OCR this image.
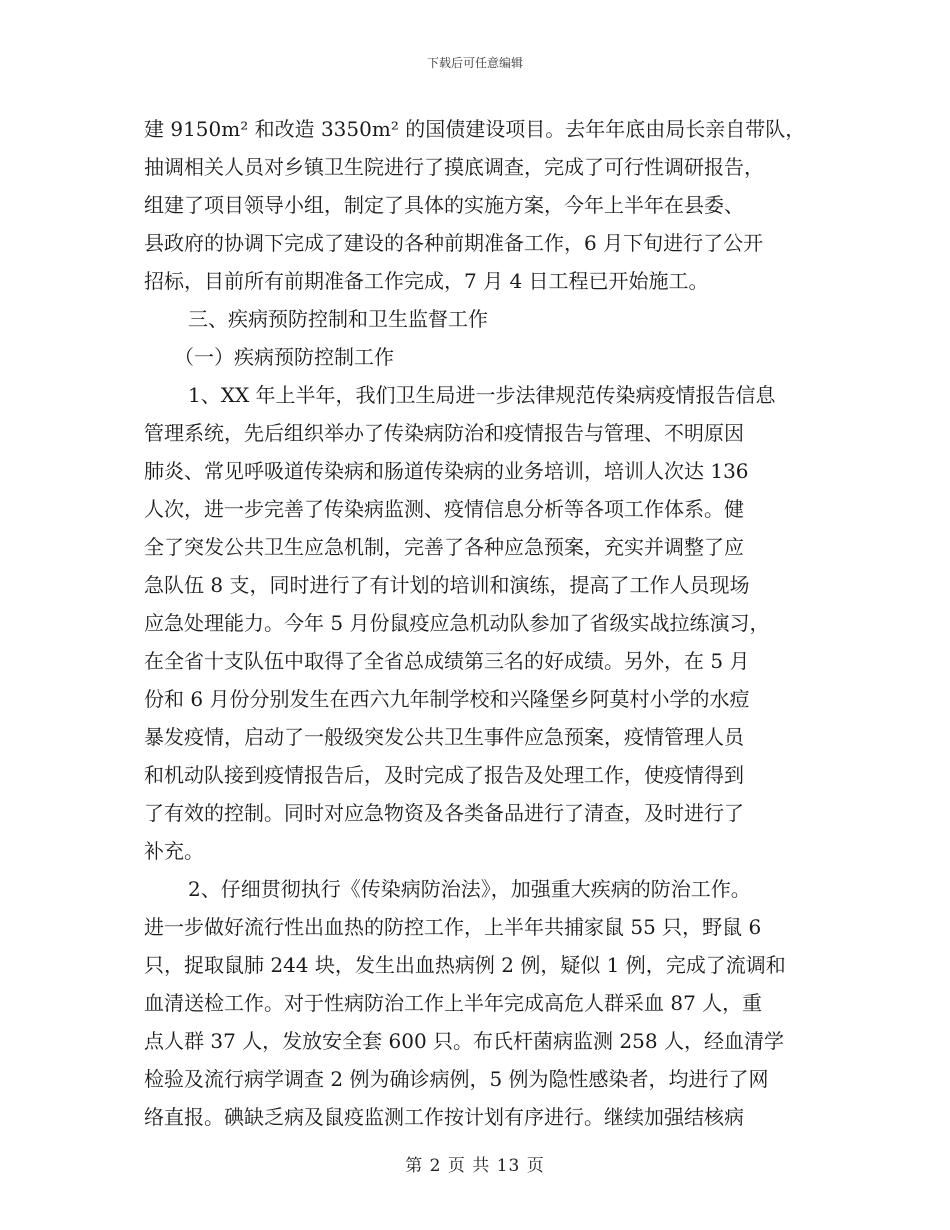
下载后可任意编辑
建 9150m² 和改造 3350m² 的国债建设项目。去年年底由局长亲自带队，
抽调相关人员对乡镇卫生院进行了摸底调查，完成了可行性调研报告，
组建了项目领导小组，制定了具体的实施方案，今年上半年在县委、
县政府的协调下完成了建设的各种前期准备工作，6 月下旬进行了公开
招标，目前所有前期准备工作完成，7 月 4 日工程已开始施工。
三、疾病预防控制和卫生监督工作
（一）疾病预防控制工作
1、XX 年上半年，我们卫生局进一步法律规范传染病疫情报告信息
管理系统，先后组织举办了传染病防治和疫情报告与管理、不明原因
肺炎、常见呼吸道传染病和肠道传染病的业务培训，培训人次达 136
人次，进一步完善了传染病监测、疫情信息分析等各项工作体系。健
全了突发公共卫生应急机制，完善了各种应急预案，充实并调整了应
急队伍 8 支，同时进行了有计划的培训和演练，提高了工作人员现场
应急处理能力。今年 5 月份鼠疫应急机动队参加了省级实战拉练演习，
在全省十支队伍中取得了全省总成绩第三名的好成绩。另外，在 5 月
份和 6 月份分别发生在西六九年制学校和兴隆堡乡阿莫村小学的水痘
暴发疫情，启动了一般级突发公共卫生事件应急预案，疫情管理人员
和机动队接到疫情报告后，及时完成了报告及处理工作，使疫情得到
了有效的控制。同时对应急物资及各类备品进行了清查，及时进行了
补充。
2、仔细贯彻执行《传染病防治法》，加强重大疾病的防治工作。
进一步做好流行性出血热的防控工作，上半年共捕家鼠 55 只，野鼠 6
只，捉取鼠肺 244 块，发生出血热病例 2 例，疑似 1 例，完成了流调和
血清送检工作。对于性病防治工作上半年完成高危人群采血 87 人，重
点人群 37 人，发放安全套 600 只。布氏杆菌病监测 258 人，经血清学
检验及流行病学调查 2 例为确诊病例，5 例为隐性感染者，均进行了网
络直报。碘缺乏病及鼠疫监测工作按计划有序进行。继续加强结核病
第 2 页 共 13 页
